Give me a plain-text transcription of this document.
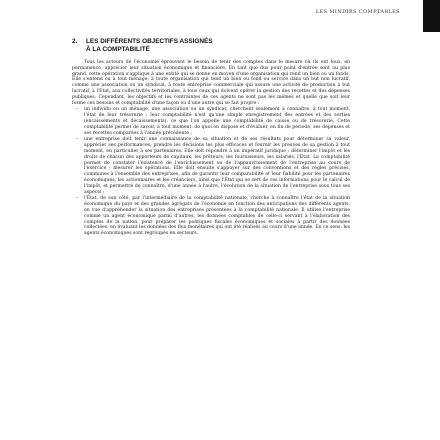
LES MINDIRS COMPTABLES
2.	LES DIFFÉRENTS OBJECTIFS ASSIGNÉS
À LA COMPTABILITÉ

Tous les acteurs de l'économie éprouvent le besoin de tenir des comptes dans le mesure où ils ont tous, en permanence, apprécier leur situation économique et financière. En tant que dus pour point d'entrée sont au plus grand, cette opération s'applique à une entité qui se donne en moyen d'une organisation qui rend un bien ou un fonds. Elle s'entend ou à tout ménage, à toute organisation qui tend un bien ou fond ou service dans un but non lucratif, comme une association ou un syndicat, à toute entreprise commerciale qui assure une activité de production à but lucratif, à l'État, aux collectivités territoriales, à tous ceux qui doivent opérer la gestion des recettes et des dépenses publiques. Cependant, les objectifs et les contraintes de ces agents ne sont pas les mêmes et quelle que soit leur forme ces besoins et comptabilité d'une façon ou d'une autre qui se fait propre :

– un individu ou un ménage, une association ou un syndicat, cherchent seulement à connaître, à tout moment, l'état de leur trésorerie : leur comptabilité n'est qu'une simple enregistrement des entrées et des sorties (encaissements et décaissements), ce que l'on appelle une comptabilité de caisse ou de trésorerie. Cette comptabilité permet de savoir, à tout moment, de quoi on dispose et d'évaluer, en fin de période, ses dépenses et ses recettes comparées à l'année précédente ;
– une entreprise doit tenir une connaissance de sa situation et de ses résultats pour déterminer sa valeur, apprécier ses performances, prendre les décisions les plus efficaces et fournir les preuves de sa gestion à tout moment, en particulier à ses partenaires. Elle doit répondre à un impératif juridique : déterminer l'impôt et les droits de chacun des apporteurs de capitaux, les prêteurs, les fournisseurs, les salariés, l'État. La comptabilité permet de constater l'existence de l'enrichissement ou de l'appauvrissement de l'entreprise au cours de l'exercice ; mesurer les opérations. Elle doit ensuite s'appuyer sur des conventions et des règles précises, communes à l'ensemble des entreprises, afin de garantir leur comparabilité et leur fiabilité pour les partenaires économiques, les actionnaires et les créanciers, ainsi que l'État qui se sert de ces informations pour le calcul de l'impôt, et permettre de connaître, d'une année à l'autre, l'évolution de la situation de l'entreprise sous tous ses aspects ;
– l'État, de son côté, par l'intermédiaire de la comptabilité nationale, cherche à connaître l'état de la situation économique du pays et des grandes agrégats de l'économie en fonction des anticipations des différents agents, en vue d'appréhender la situation des entreprises présentées à la comptabilité nationale. Il utilise l'entreprise comme un agent économique parmi d'autres, les données comptables de celle-ci servant à l'élaboration des comptes de la nation, pour préparer les politiques fiscales économiques et sociales à partir des données collectées, en évaluant les données des flux monétaires qui ont été réalisés au cours d'une année. En ce sens, les agents économiques sont regroupés en secteurs.
